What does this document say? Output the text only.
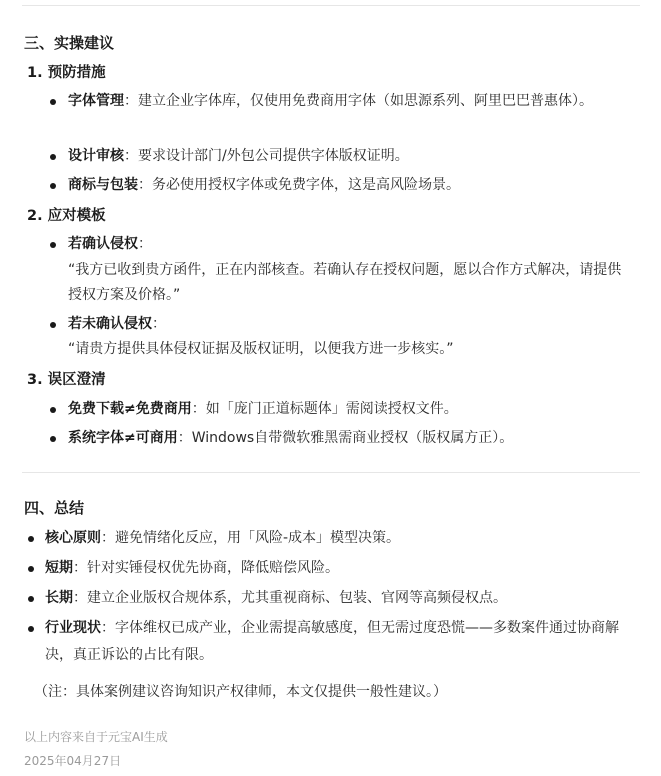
三、实操建议
1. 预防措施
字体管理：建立企业字体库，仅使用免费商用字体（如思源系列、阿里巴巴普惠体）。
设计审核：要求设计部门/外包公司提供字体版权证明。
商标与包装：务必使用授权字体或免费字体，这是高风险场景。
2. 应对模板
若确认侵权：
“我方已收到贵方函件，正在内部核查。若确认存在授权问题，愿以合作方式解决，请提供授权方案及价格。”
若未确认侵权：
“请贵方提供具体侵权证据及版权证明，以便我方进一步核实。”
3. 误区澄清
免费下载≠免费商用：如「庞门正道标题体」需阅读授权文件。
系统字体≠可商用：Windows自带微软雅黑需商业授权（版权属方正）。
四、总结
核心原则：避免情绪化反应，用「风险-成本」模型决策。
短期：针对实锤侵权优先协商，降低赔偿风险。
长期：建立企业版权合规体系，尤其重视商标、包装、官网等高频侵权点。
行业现状：字体维权已成产业，企业需提高敏感度，但无需过度恐慌——多数案件通过协商解决，真正诉讼的占比有限。
（注：具体案例建议咨询知识产权律师，本文仅提供一般性建议。）
以上内容来自于元宝AI生成
2025年04月27日
